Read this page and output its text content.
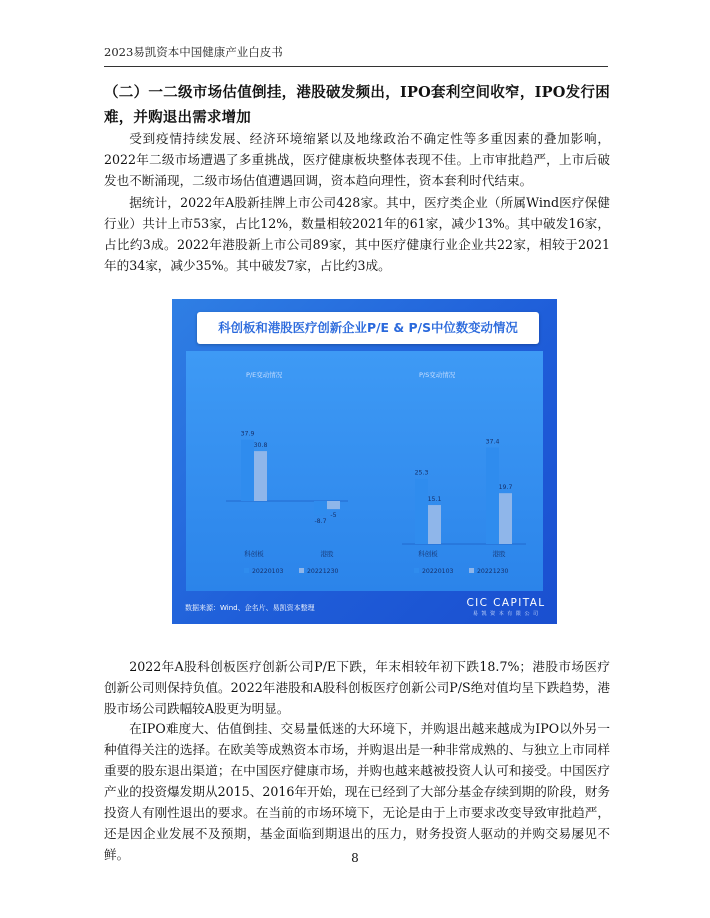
2023易凯资本中国健康产业白皮书
（二）一二级市场估值倒挂，港股破发频出，IPO套利空间收窄，IPO发行困难，并购退出需求增加
受到疫情持续发展、经济环境缩紧以及地缘政治不确定性等多重因素的叠加影响，2022年二级市场遭遇了多重挑战，医疗健康板块整体表现不佳。上市审批趋严，上市后破发也不断涌现，二级市场估值遭遇回调，资本趋向理性，资本套利时代结束。
据统计，2022年A股新挂牌上市公司428家。其中，医疗类企业（所属Wind医疗保健行业）共计上市53家，占比12%，数量相较2021年的61家，减少13%。其中破发16家，占比约3成。2022年港股新上市公司89家，其中医疗健康行业企业共22家，相较于2021年的34家，减少35%。其中破发7家，占比约3成。
科创板和港股医疗创新企业P/E & P/S中位数变动情况
P/E变动情况
37.9
30.8
科创板
-8.7
-5
港股
20220103	20221230
P/S变动情况
25.3
15.1
科创板
37.4
19.7
港股
20220103	20221230
数据来源：Wind、企名片、易凯资本整理	CIC CAPITAL
易 凯 资 本 有 限 公 司
2022年A股科创板医疗创新公司P/E下跌，年末相较年初下跌18.7%；港股市场医疗创新公司则保持负值。2022年港股和A股科创板医疗创新公司P/S绝对值均呈下跌趋势，港股市场公司跌幅较A股更为明显。
在IPO难度大、估值倒挂、交易量低迷的大环境下，并购退出越来越成为IPO以外另一种值得关注的选择。在欧美等成熟资本市场，并购退出是一种非常成熟的、与独立上市同样重要的股东退出渠道；在中国医疗健康市场，并购也越来越被投资人认可和接受。中国医疗产业的投资爆发期从2015、2016年开始，现在已经到了大部分基金存续到期的阶段，财务投资人有刚性退出的要求。在当前的市场环境下，无论是由于上市要求改变导致审批趋严，还是因企业发展不及预期，基金面临到期退出的压力，财务投资人驱动的并购交易屡见不鲜。	8
